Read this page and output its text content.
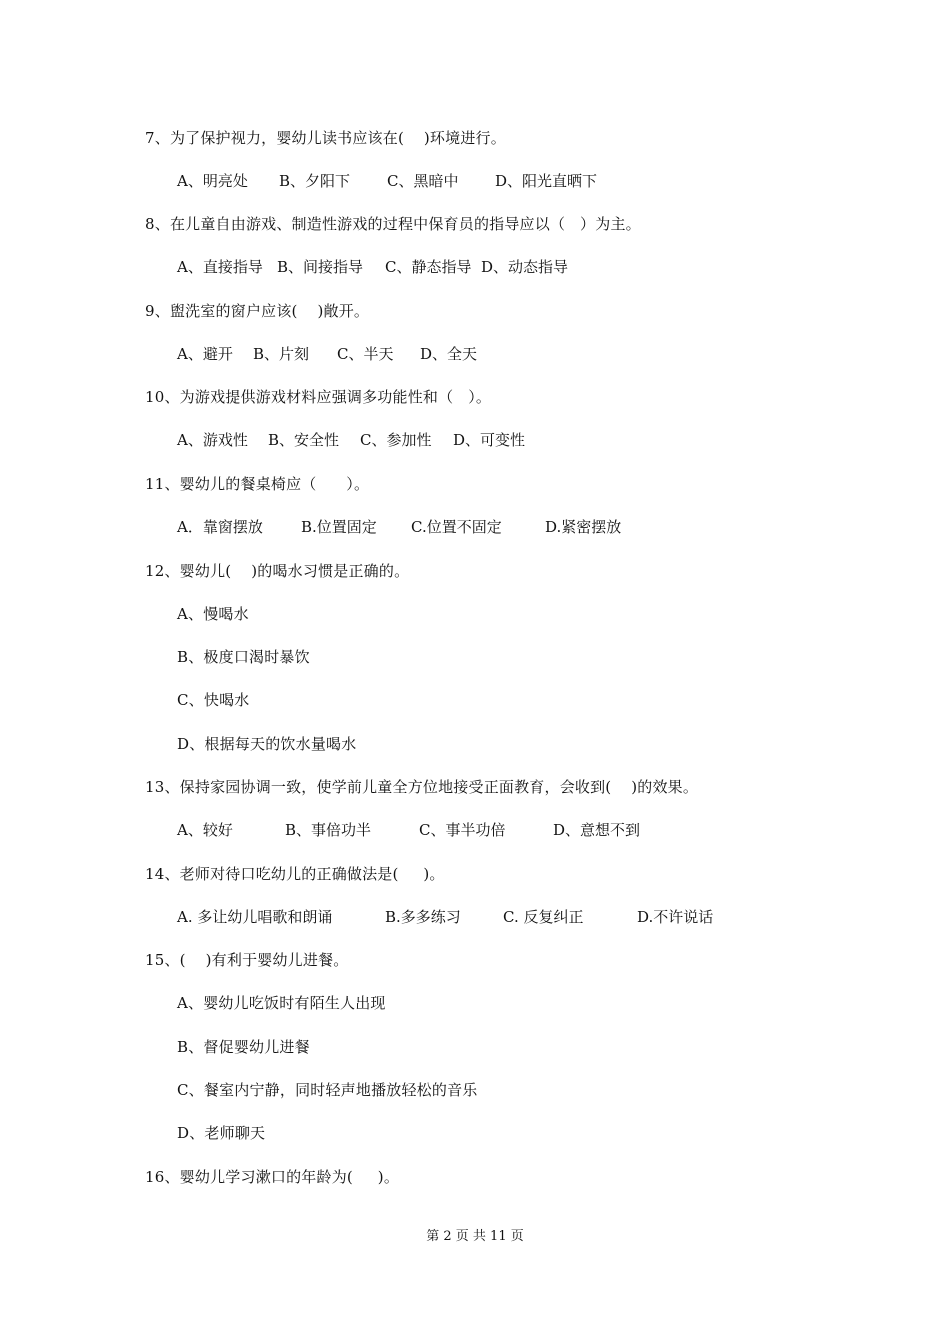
7、为了保护视力，婴幼儿读书应该在(    )环境进行。
A、明亮处 B、夕阳下 C、黑暗中 D、阳光直晒下
8、在儿童自由游戏、制造性游戏的过程中保育员的指导应以（   ）为主。
A、直接指导 B、间接指导 C、静态指导 D、动态指导
9、盥洗室的窗户应该(    )敞开。
A、避开 B、片刻 C、半天 D、全天
10、为游戏提供游戏材料应强调多功能性和（   ）。
A、游戏性 B、安全性 C、参加性 D、可变性
11、婴幼儿的餐桌椅应（      ）。
A．靠窗摆放	B.位置固定 C.位置不固定	D.紧密摆放
12、婴幼儿(    )的喝水习惯是正确的。
A、慢喝水
B、极度口渴时暴饮
C、快喝水
D、根据每天的饮水量喝水
13、保持家园协调一致，使学前儿童全方位地接受正面教育，会收到(    )的效果。
A、较好	B、事倍功半	C、事半功倍	D、意想不到
14、老师对待口吃幼儿的正确做法是(     )。
A. 多让幼儿唱歌和朗诵	B.多多练习	C. 反复纠正	D.不许说话
15、(    )有利于婴幼儿进餐。
A、婴幼儿吃饭时有陌生人出现
B、督促婴幼儿进餐
C、餐室内宁静，同时轻声地播放轻松的音乐
D、老师聊天
16、婴幼儿学习漱口的年龄为(     )。
第 2 页 共 11 页
